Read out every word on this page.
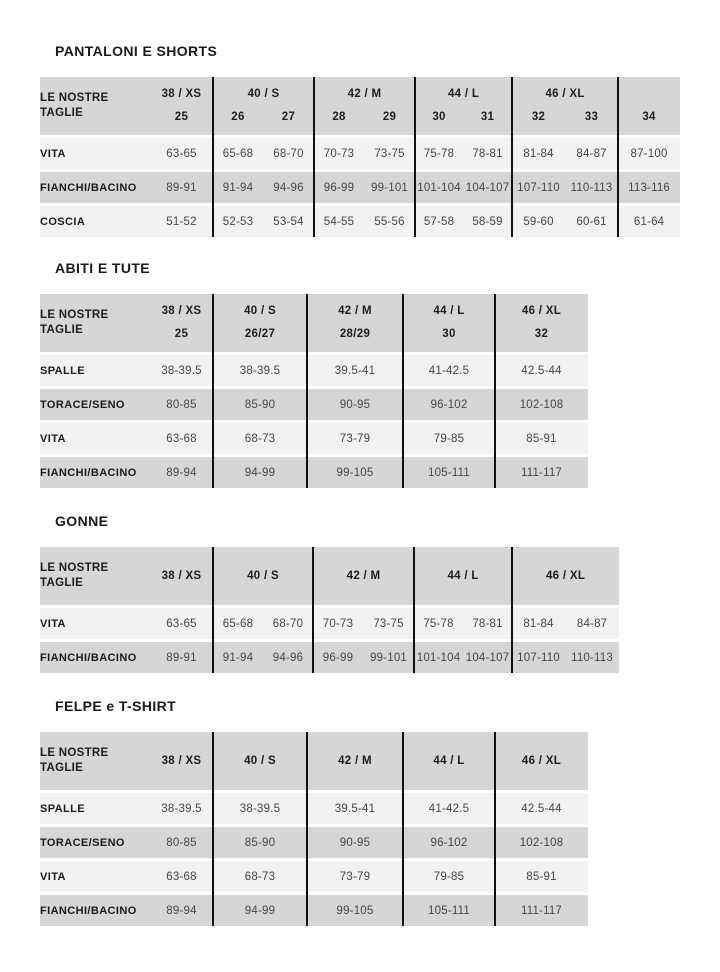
PANTALONI E SHORTS
LE NOSTRE TAGLIE	38 / XS	40 / S		42 / M		44 / L		46 / XL		
	25	26	27	28	29	30	31	32	33	34
VITA	63-65	65-68	68-70	70-73	73-75	75-78	78-81	81-84	84-87	87-100
FIANCHI/BACINO	89-91	91-94	94-96	96-99	99-101	101-104	104-107	107-110	110-113	113-116
COSCIA	51-52	52-53	53-54	54-55	55-56	57-58	58-59	59-60	60-61	61-64
ABITI E TUTE
LE NOSTRE TAGLIE	38 / XS	40 / S	42 / M	44 / L	46 / XL
	25	26/27	28/29	30	32
SPALLE	38-39.5	38-39.5	39.5-41	41-42.5	42.5-44
TORACE/SENO	80-85	85-90	90-95	96-102	102-108
VITA	63-68	68-73	73-79	79-85	85-91
FIANCHI/BACINO	89-94	94-99	99-105	105-111	111-117
GONNE
LE NOSTRE TAGLIE	38 / XS	40 / S		42 / M		44 / L		46 / XL	
VITA	63-65	65-68	68-70	70-73	73-75	75-78	78-81	81-84	84-87
FIANCHI/BACINO	89-91	91-94	94-96	96-99	99-101	101-104	104-107	107-110	110-113
FELPE e T-SHIRT
LE NOSTRE TAGLIE	38 / XS	40 / S	42 / M	44 / L	46 / XL
SPALLE	38-39.5	38-39.5	39.5-41	41-42.5	42.5-44
TORACE/SENO	80-85	85-90	90-95	96-102	102-108
VITA	63-68	68-73	73-79	79-85	85-91
FIANCHI/BACINO	89-94	94-99	99-105	105-111	111-117
